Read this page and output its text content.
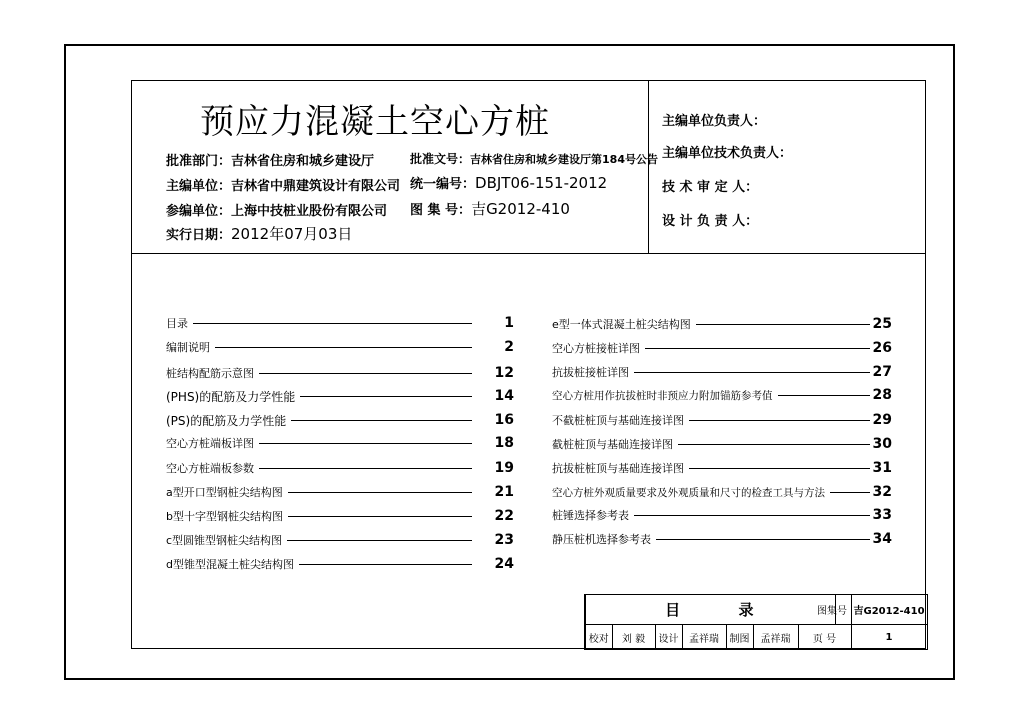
预应力混凝土空心方桩
批准部门：吉林省住房和城乡建设厅	批准文号：吉林省住房和城乡建设厅第184号公告
主编单位：吉林省中鼎建筑设计有限公司 统一编号：DBJT06-151-2012
参编单位：上海中技桩业股份有限公司 图 集 号：吉G2012-410
实行日期：2012年07月03日
主编单位负责人：
主编单位技术负责人：
技 术 审 定 人：
设 计 负 责 人：
目录	1
编制说明	2
桩结构配筋示意图	12
(PHS)的配筋及力学性能	14
(PS)的配筋及力学性能	16
空心方桩端板详图	18
空心方桩端板参数	19
a型开口型钢桩尖结构图	21
b型十字型钢桩尖结构图	22
c型圆锥型钢桩尖结构图	23
d型锥型混凝土桩尖结构图	24
e型一体式混凝土桩尖结构图	25
空心方桩接桩详图	26
抗拔桩接桩详图	27
空心方桩用作抗拔桩时非预应力附加锚筋参考值	28
不截桩桩顶与基础连接详图	29
截桩桩顶与基础连接详图	30
抗拔桩桩顶与基础连接详图	31
空心方桩外观质量要求及外观质量和尺寸的检查工具与方法	32
桩锤选择参考表	33
静压桩机选择参考表	34
目 录							图集号	吉G2012-410
校对	刘 毅	设计	孟祥瑞	制图	孟祥瑞	页 号		1
